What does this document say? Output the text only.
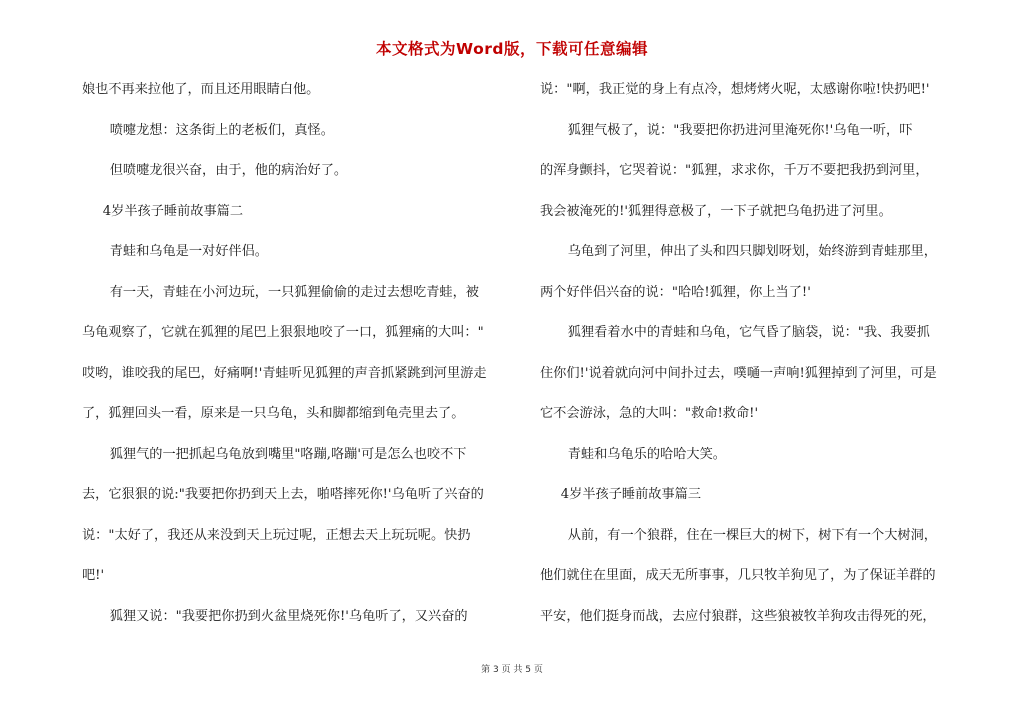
本文格式为Word版，下载可任意编辑
娘也不再来拉他了，而且还用眼睛白他。
喷嚏龙想：这条街上的老板们，真怪。
但喷嚏龙很兴奋，由于，他的病治好了。
4岁半孩子睡前故事篇二
青蛙和乌龟是一对好伴侣。
有一天，青蛙在小河边玩，一只狐狸偷偷的走过去想吃青蛙，被
乌龟观察了，它就在狐狸的尾巴上狠狠地咬了一口，狐狸痛的大叫："
哎哟，谁咬我的尾巴，好痛啊!'青蛙听见狐狸的声音抓紧跳到河里游走
了，狐狸回头一看，原来是一只乌龟，头和脚都缩到龟壳里去了。
狐狸气的一把抓起乌龟放到嘴里"咯蹦,咯蹦'可是怎么也咬不下
去，它狠狠的说:"我要把你扔到天上去，啪嗒摔死你!'乌龟听了兴奋的
说："太好了，我还从来没到天上玩过呢，正想去天上玩玩呢。快扔
吧!'
狐狸又说："我要把你扔到火盆里烧死你!'乌龟听了，又兴奋的
说："啊，我正觉的身上有点冷，想烤烤火呢，太感谢你啦!快扔吧!'
狐狸气极了，说："我要把你扔进河里淹死你!'乌龟一听，吓
的浑身颤抖，它哭着说："狐狸，求求你，千万不要把我扔到河里，
我会被淹死的!'狐狸得意极了，一下子就把乌龟扔进了河里。
乌龟到了河里，伸出了头和四只脚划呀划，始终游到青蛙那里，
两个好伴侣兴奋的说："哈哈!狐狸，你上当了!'
狐狸看着水中的青蛙和乌龟，它气昏了脑袋，说："我、我要抓
住你们!'说着就向河中间扑过去，噗嗵一声响!狐狸掉到了河里，可是
它不会游泳，急的大叫："救命!救命!'
青蛙和乌龟乐的哈哈大笑。
4岁半孩子睡前故事篇三
从前，有一个狼群，住在一棵巨大的树下，树下有一个大树洞，
他们就住在里面，成天无所事事，几只牧羊狗见了，为了保证羊群的
平安，他们挺身而战，去应付狼群，这些狼被牧羊狗攻击得死的死，
第 3 页 共 5 页
